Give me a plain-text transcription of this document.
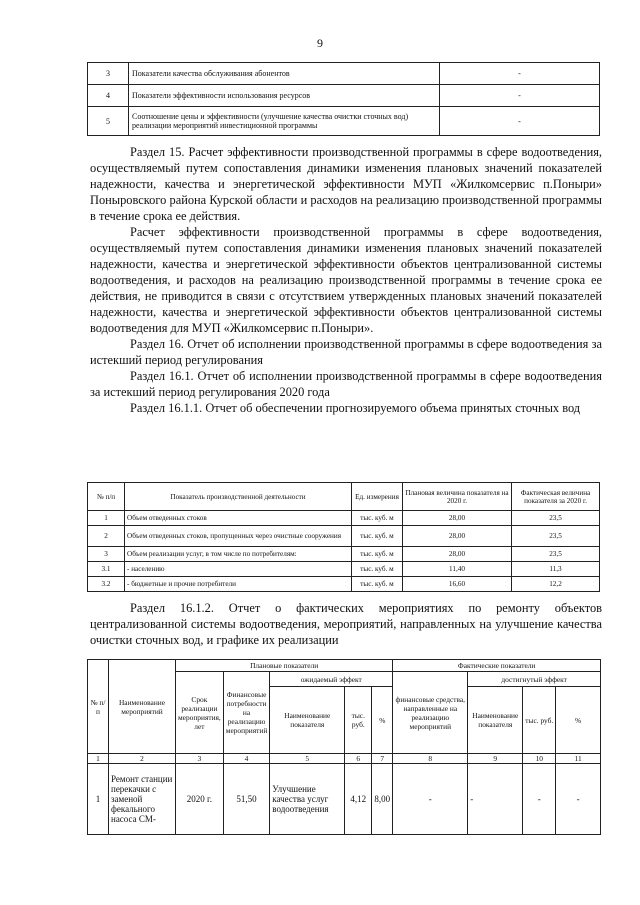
9
3	Показатели качества обслуживания абонентов	-
4	Показатели эффективности использования ресурсов	-
5	Соотношение цены и эффективности (улучшение качества очистки сточных вод) реализации мероприятий инвестиционной программы	-

Раздел 15. Расчет эффективности производственной программы в сфере водоотведения, осуществляемый путем сопоставления динамики изменения плановых значений показателей надежности, качества и энергетической эффективности МУП «Жилкомсервис п.Поныри» Поныровского района Курской области и расходов на реализацию производственной программы в течение срока ее действия.

Расчет эффективности производственной программы в сфере водоотведения, осуществляемый путем сопоставления динамики изменения плановых значений показателей надежности, качества и энергетической эффективности объектов централизованной системы водоотведения, и расходов на реализацию производственной программы в течение срока ее действия, не приводится в связи с отсутствием утвержденных плановых значений показателей надежности, качества и энергетической эффективности объектов централизованной системы водоотведения для МУП «Жилкомсервис п.Поныри».

Раздел 16. Отчет об исполнении производственной программы в сфере водоотведения за истекший период регулирования

Раздел 16.1. Отчет об исполнении производственной программы в сфере водоотведения за истекший период регулирования 2020 года

Раздел 16.1.1. Отчет об обеспечении прогнозируемого объема принятых сточных вод

№ п/п	Показатель производственной деятельности	Ед. измерения	Плановая величина показателя на 2020 г.	Фактическая величина показателя за 2020 г.
1	Объем отведенных стоков	тыс. куб. м	28,00	23,5
2	Объем отведенных стоков, пропущенных через очистные сооружения	тыс. куб. м	28,00	23,5
3	Объем реализации услуг, в том числе по потребителям:	тыс. куб. м	28,00	23,5
3.1	- населению	тыс. куб. м	11,40	11,3
3.2	- бюджетные и прочие потребители	тыс. куб. м	16,60	12,2

Раздел 16.1.2. Отчет о фактических мероприятиях по ремонту объектов централизованной системы водоотведения, мероприятий, направленных на улучшение качества очистки сточных вод, и графике их реализации

№ п/п	Наименование мероприятий	Плановые показатели					Фактические показатели			
		Срок реализации мероприятия, лет	Финансовые потребности на реализацию мероприятий	ожидаемый эффект			финансовые средства, направленные на реализацию мероприятий	достигнутый эффект		
				Наименование показателя	тыс. руб.	%		Наименование показателя	тыс. руб.	%
1	2	3	4	5	6	7	8	9	10	11
1	Ремонт станции перекачки с заменой фекального насоса СМ-	2020 г.	51,50	Улучшение качества услуг водоотведения	4,12	8,00	-	-	-	-
